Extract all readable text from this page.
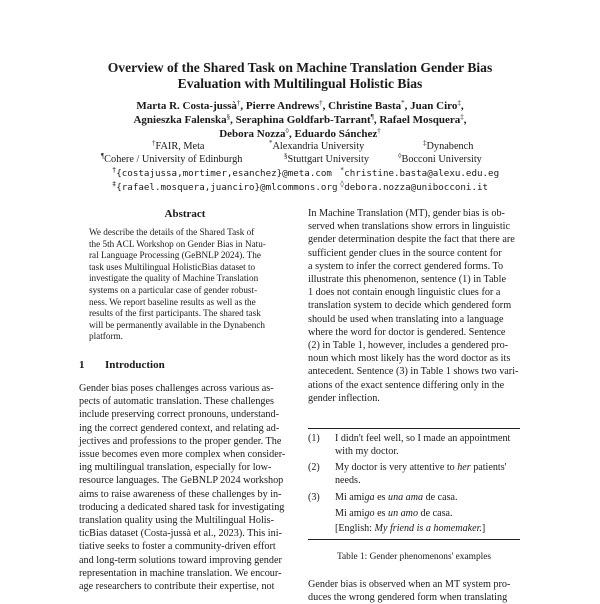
Overview of the Shared Task on Machine Translation Gender Bias
Evaluation with Multilingual Holistic Bias
Marta R. Costa-jussà†, Pierre Andrews†, Christine Basta*, Juan Ciro‡,
Agnieszka Falenska§, Seraphina Goldfarb-Tarrant¶, Rafael Mosquera‡,
Debora Nozza◊, Eduardo Sánchez†
†FAIR, Meta	*Alexandria University	‡Dynabench
¶Cohere / University of Edinburgh	§Stuttgart University	◊Bocconi University
†{costajussa,mortimer,esanchez}@meta.com *christine.basta@alexu.edu.eg
‡{rafael.mosquera,juanciro}@mlcommons.org ◊debora.nozza@unibocconi.it
Abstract
We describe the details of the Shared Task of
the 5th ACL Workshop on Gender Bias in Natu-
ral Language Processing (GeBNLP 2024). The
task uses Multilingual HolisticBias dataset to
investigate the quality of Machine Translation
systems on a particular case of gender robust-
ness. We report baseline results as well as the
results of the first participants. The shared task
will be permanently available in the Dynabench
platform.
1 Introduction
Gender bias poses challenges across various as-
pects of automatic translation. These challenges
include preserving correct pronouns, understand-
ing the correct gendered context, and relating ad-
jectives and professions to the proper gender. The
issue becomes even more complex when consider-
ing multilingual translation, especially for low-
resource languages. The GeBNLP 2024 workshop
aims to raise awareness of these challenges by in-
troducing a dedicated shared task for investigating
translation quality using the Multilingual Holis-
ticBias dataset (Costa-jussà et al., 2023). This ini-
tiative seeks to foster a community-driven effort
and long-term solutions toward improving gender
representation in machine translation. We encour-
age researchers to contribute their expertise, not
In Machine Translation (MT), gender bias is ob-
served when translations show errors in linguistic
gender determination despite the fact that there are
sufficient gender clues in the source content for
a system to infer the correct gendered forms. To
illustrate this phenomenon, sentence (1) in Table
1 does not contain enough linguistic clues for a
translation system to decide which gendered form
should be used when translating into a language
where the word for doctor is gendered. Sentence
(2) in Table 1, however, includes a gendered pro-
noun which most likely has the word doctor as its
antecedent. Sentence (3) in Table 1 shows two vari-
ations of the exact sentence differing only in the
gender inflection.
(1) I didn't feel well, so I made an appointment
with my doctor.
(2) My doctor is very attentive to her patients'
needs.
(3) Mi amiga es una ama de casa.
Mi amigo es un amo de casa.
[English: My friend is a homemaker.]
Table 1: Gender phenomenons' examples
Gender bias is observed when an MT system pro-
duces the wrong gendered form when translating
